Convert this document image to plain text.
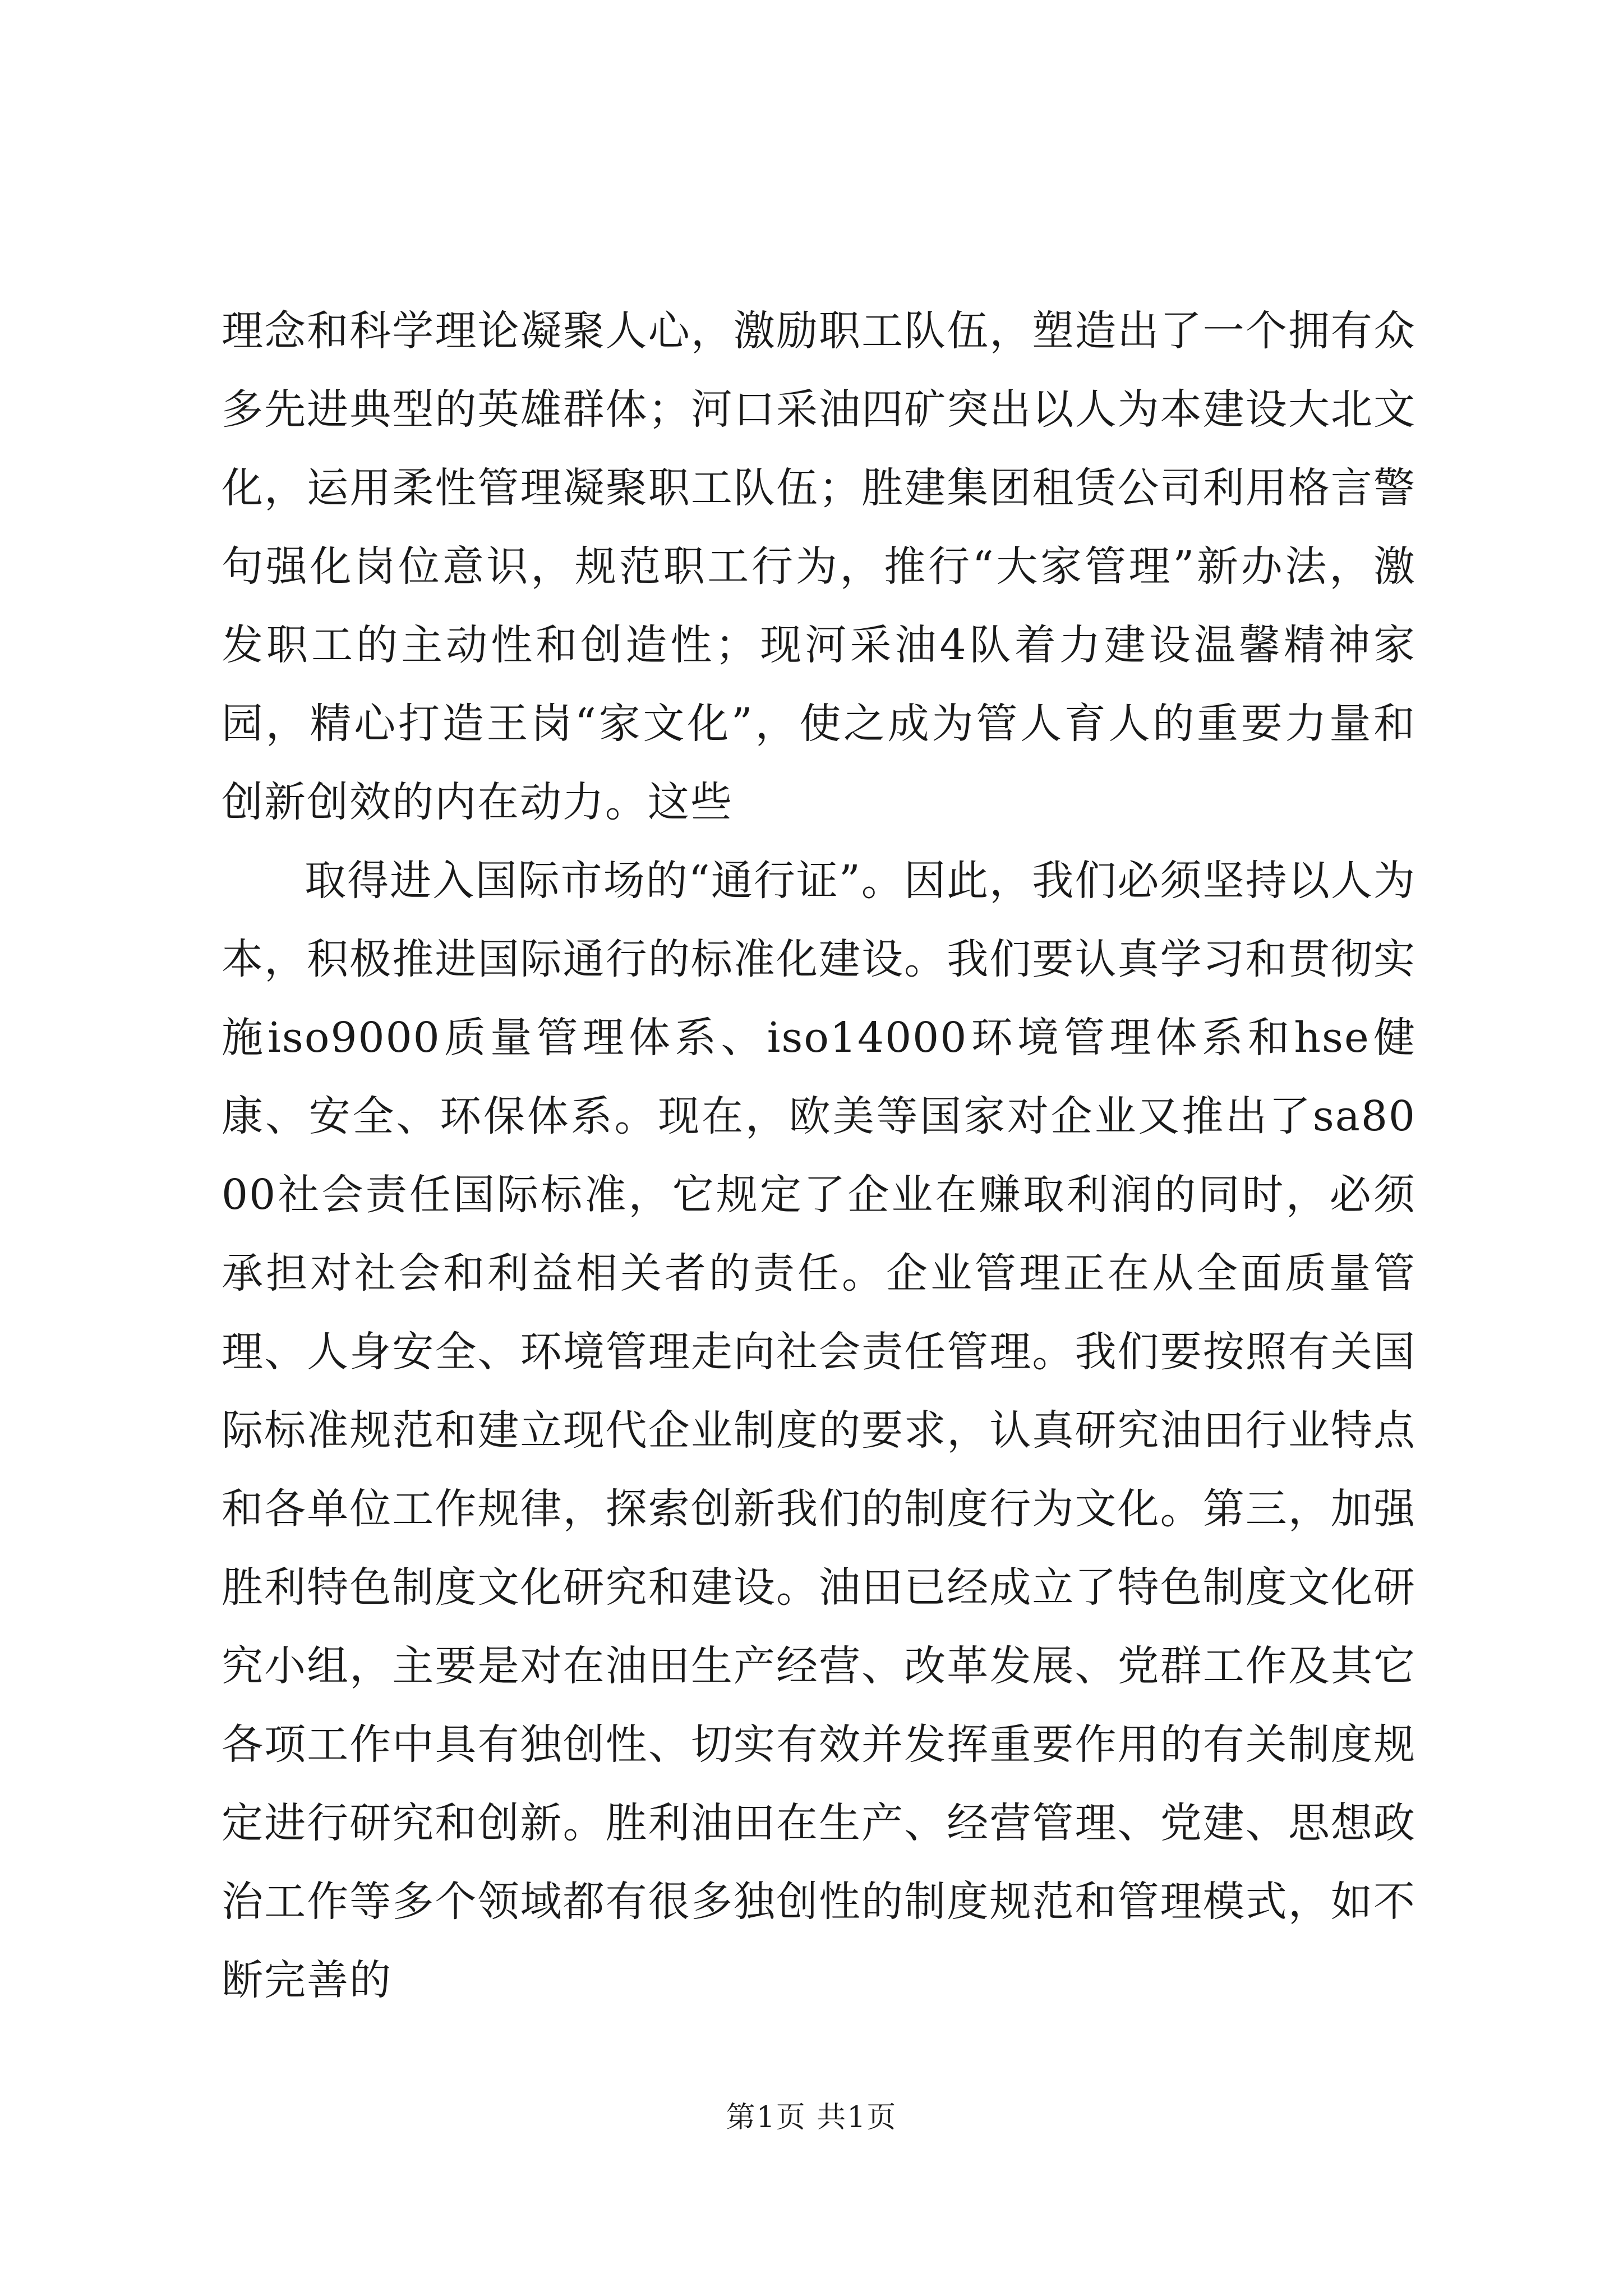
理念和科学理论凝聚人心，激励职工队伍，塑造出了一个拥有众多先进典型的英雄群体；河口采油四矿突出以人为本建设大北文化，运用柔性管理凝聚职工队伍；胜建集团租赁公司利用格言警句强化岗位意识，规范职工行为，推行“大家管理”新办法，激发职工的主动性和创造性；现河采油4队着力建设温馨精神家园，精心打造王岗“家文化”，使之成为管人育人的重要力量和创新创效的内在动力。这些

取得进入国际市场的“通行证”。因此，我们必须坚持以人为本，积极推进国际通行的标准化建设。我们要认真学习和贯彻实施iso9000质量管理体系、iso14000环境管理体系和hse健康、安全、环保体系。现在，欧美等国家对企业又推出了sa8000社会责任国际标准，它规定了企业在赚取利润的同时，必须承担对社会和利益相关者的责任。企业管理正在从全面质量管理、人身安全、环境管理走向社会责任管理。我们要按照有关国际标准规范和建立现代企业制度的要求，认真研究油田行业特点和各单位工作规律，探索创新我们的制度行为文化。第三，加强胜利特色制度文化研究和建设。油田已经成立了特色制度文化研究小组，主要是对在油田生产经营、改革发展、党群工作及其它各项工作中具有独创性、切实有效并发挥重要作用的有关制度规定进行研究和创新。胜利油田在生产、经营管理、党建、思想政治工作等多个领域都有很多独创性的制度规范和管理模式，如不断完善的

第1页 共1页
